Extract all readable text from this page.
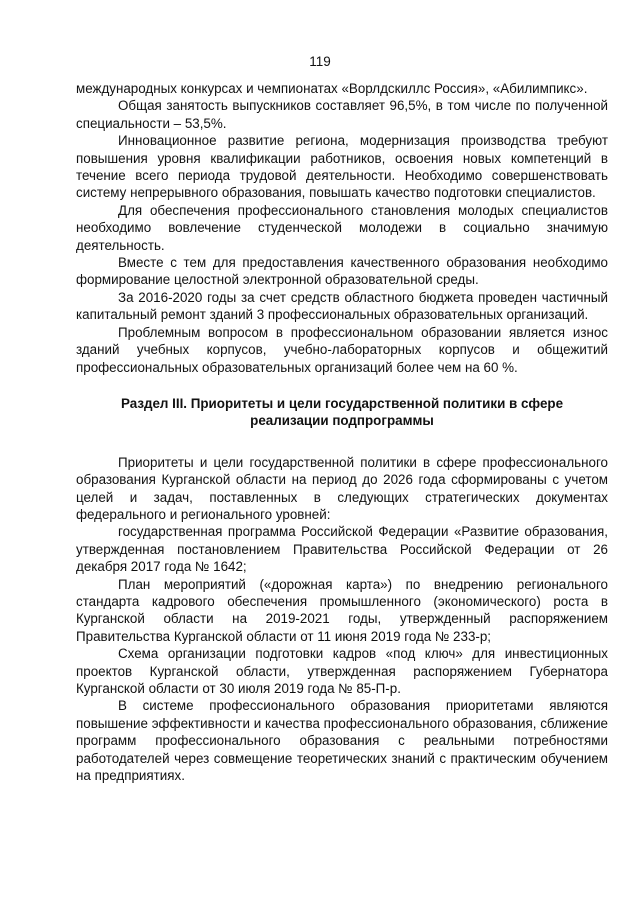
119

международных конкурсах и чемпионатах «Ворлдскиллс Россия», «Абилимпикс».

Общая занятость выпускников составляет 96,5%, в том числе по полученной специальности – 53,5%.

Инновационное развитие региона, модернизация производства требуют повышения уровня квалификации работников, освоения новых компетенций в течение всего периода трудовой деятельности. Необходимо совершенствовать систему непрерывного образования, повышать качество подготовки специалистов.

Для обеспечения профессионального становления молодых специалистов необходимо вовлечение студенческой молодежи в социально значимую деятельность.

Вместе с тем для предоставления качественного образования необходимо формирование целостной электронной образовательной среды.

За 2016-2020 годы за счет средств областного бюджета проведен частичный капитальный ремонт зданий 3 профессиональных образовательных организаций.

Проблемным вопросом в профессиональном образовании является износ зданий учебных корпусов, учебно-лабораторных корпусов и общежитий профессиональных образовательных организаций более чем на 60 %.

Раздел III. Приоритеты и цели государственной политики в сфере
реализации подпрограммы

Приоритеты и цели государственной политики в сфере профессионального образования Курганской области на период до 2026 года сформированы с учетом целей и задач, поставленных в следующих стратегических документах федерального и регионального уровней:

государственная программа Российской Федерации «Развитие образования, утвержденная постановлением Правительства Российской Федерации от 26 декабря 2017 года № 1642;

План мероприятий («дорожная карта») по внедрению регионального стандарта кадрового обеспечения промышленного (экономического) роста в Курганской области на 2019-2021 годы, утвержденный распоряжением Правительства Курганской области от 11 июня 2019 года № 233-р;

Схема организации подготовки кадров «под ключ» для инвестиционных проектов Курганской области, утвержденная распоряжением Губернатора Курганской области от 30 июля 2019 года № 85-П-р.

В системе профессионального образования приоритетами являются повышение эффективности и качества профессионального образования, сближение программ профессионального образования с реальными потребностями работодателей через совмещение теоретических знаний с практическим обучением на предприятиях.
